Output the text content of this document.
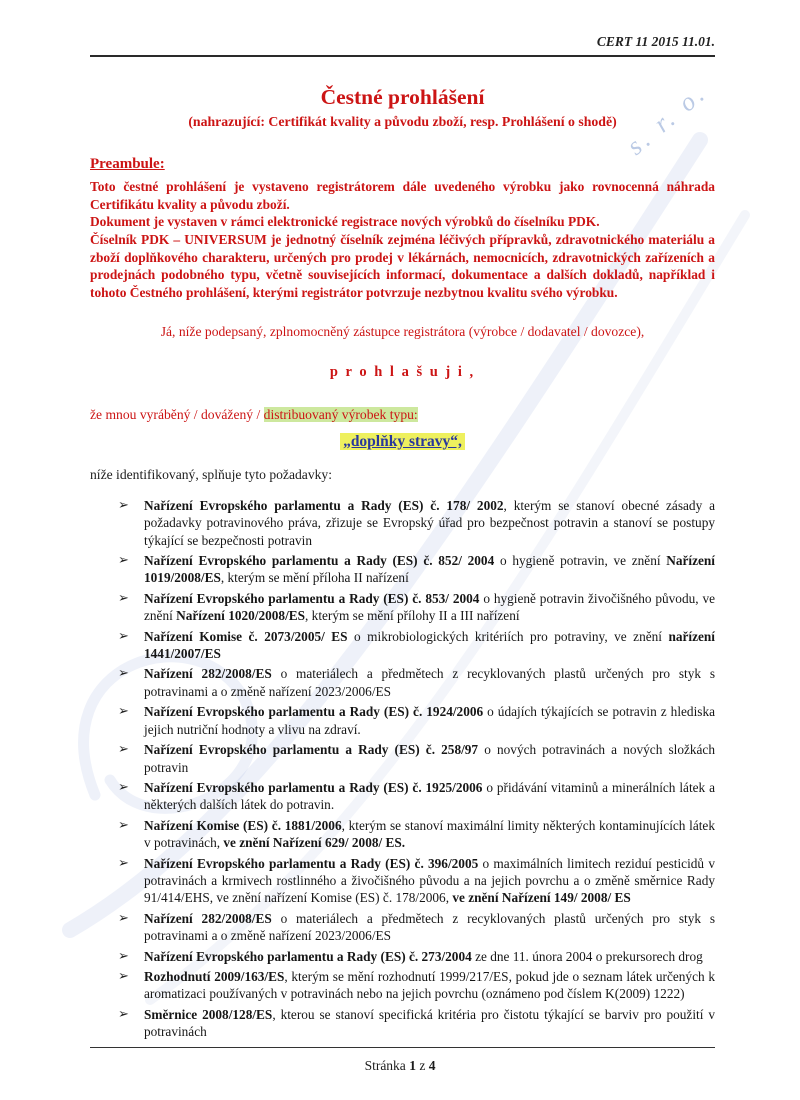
s. r. o.
CERT 11 2015 11.01.
Čestné prohlášení
(nahrazující: Certifikát kvality a původu zboží, resp. Prohlášení o shodě)
Preambule:

Toto čestné prohlášení je vystaveno registrátorem dále uvedeného výrobku jako rovnocenná náhrada Certifikátu kvality a původu zboží.

Dokument je vystaven v rámci elektronické registrace nových výrobků do číselníku PDK.

Číselník PDK – UNIVERSUM je jednotný číselník zejména léčivých přípravků, zdravotnického materiálu a zboží doplňkového charakteru, určených pro prodej v lékárnách, nemocnicích, zdravotnických zařízeních a prodejnách podobného typu, včetně souvisejících informací, dokumentace a dalších dokladů, například i tohoto Čestného prohlášení, kterými registrátor potvrzuje nezbytnou kvalitu svého výrobku.

Já, níže podepsaný, zplnomocněný zástupce registrátora (výrobce / dodavatel / dovozce),

p r o h l a š u j i ,

že mnou vyráběný / dovážený / distribuovaný výrobek typu:

„doplňky stravy“,

níže identifikovaný, splňuje tyto požadavky:

➢ Nařízení Evropského parlamentu a Rady (ES) č. 178/ 2002, kterým se stanoví obecné zásady a požadavky potravinového práva, zřizuje se Evropský úřad pro bezpečnost potravin a stanoví se postupy týkající se bezpečnosti potravin
➢ Nařízení Evropského parlamentu a Rady (ES) č. 852/ 2004 o hygieně potravin, ve znění Nařízení 1019/2008/ES, kterým se mění příloha II nařízení
➢ Nařízení Evropského parlamentu a Rady (ES) č. 853/ 2004 o hygieně potravin živočišného původu, ve znění Nařízení 1020/2008/ES, kterým se mění přílohy II a III nařízení
➢ Nařízení Komise č. 2073/2005/ ES o mikrobiologických kritériích pro potraviny, ve znění nařízení 1441/2007/ES
➢ Nařízení 282/2008/ES o materiálech a předmětech z recyklovaných plastů určených pro styk s potravinami a o změně nařízení 2023/2006/ES
➢ Nařízení Evropského parlamentu a Rady (ES) č. 1924/2006 o údajích týkajících se potravin z hlediska jejich nutriční hodnoty a vlivu na zdraví.
➢ Nařízení Evropského parlamentu a Rady (ES) č. 258/97 o nových potravinách a nových složkách potravin
➢ Nařízení Evropského parlamentu a Rady (ES) č. 1925/2006 o přidávání vitaminů a minerálních látek a některých dalších látek do potravin.
➢ Nařízení Komise (ES) č. 1881/2006, kterým se stanoví maximální limity některých kontaminujících látek v potravinách, ve znění Nařízení 629/ 2008/ ES.
➢ Nařízení Evropského parlamentu a Rady (ES) č. 396/2005 o maximálních limitech reziduí pesticidů v potravinách a krmivech rostlinného a živočišného původu a na jejich povrchu a o změně směrnice Rady 91/414/EHS, ve znění nařízení Komise (ES) č. 178/2006, ve znění Nařízení 149/ 2008/ ES
➢ Nařízení 282/2008/ES o materiálech a předmětech z recyklovaných plastů určených pro styk s potravinami a o změně nařízení 2023/2006/ES
➢ Nařízení Evropského parlamentu a Rady (ES) č. 273/2004 ze dne 11. února 2004 o prekursorech drog
➢ Rozhodnutí 2009/163/ES, kterým se mění rozhodnutí 1999/217/ES, pokud jde o seznam látek určených k aromatizaci používaných v potravinách nebo na jejich povrchu (oznámeno pod číslem K(2009) 1222)
➢ Směrnice 2008/128/ES, kterou se stanoví specifická kritéria pro čistotu týkající se barviv pro použití v potravinách
Stránka 1 z 4
